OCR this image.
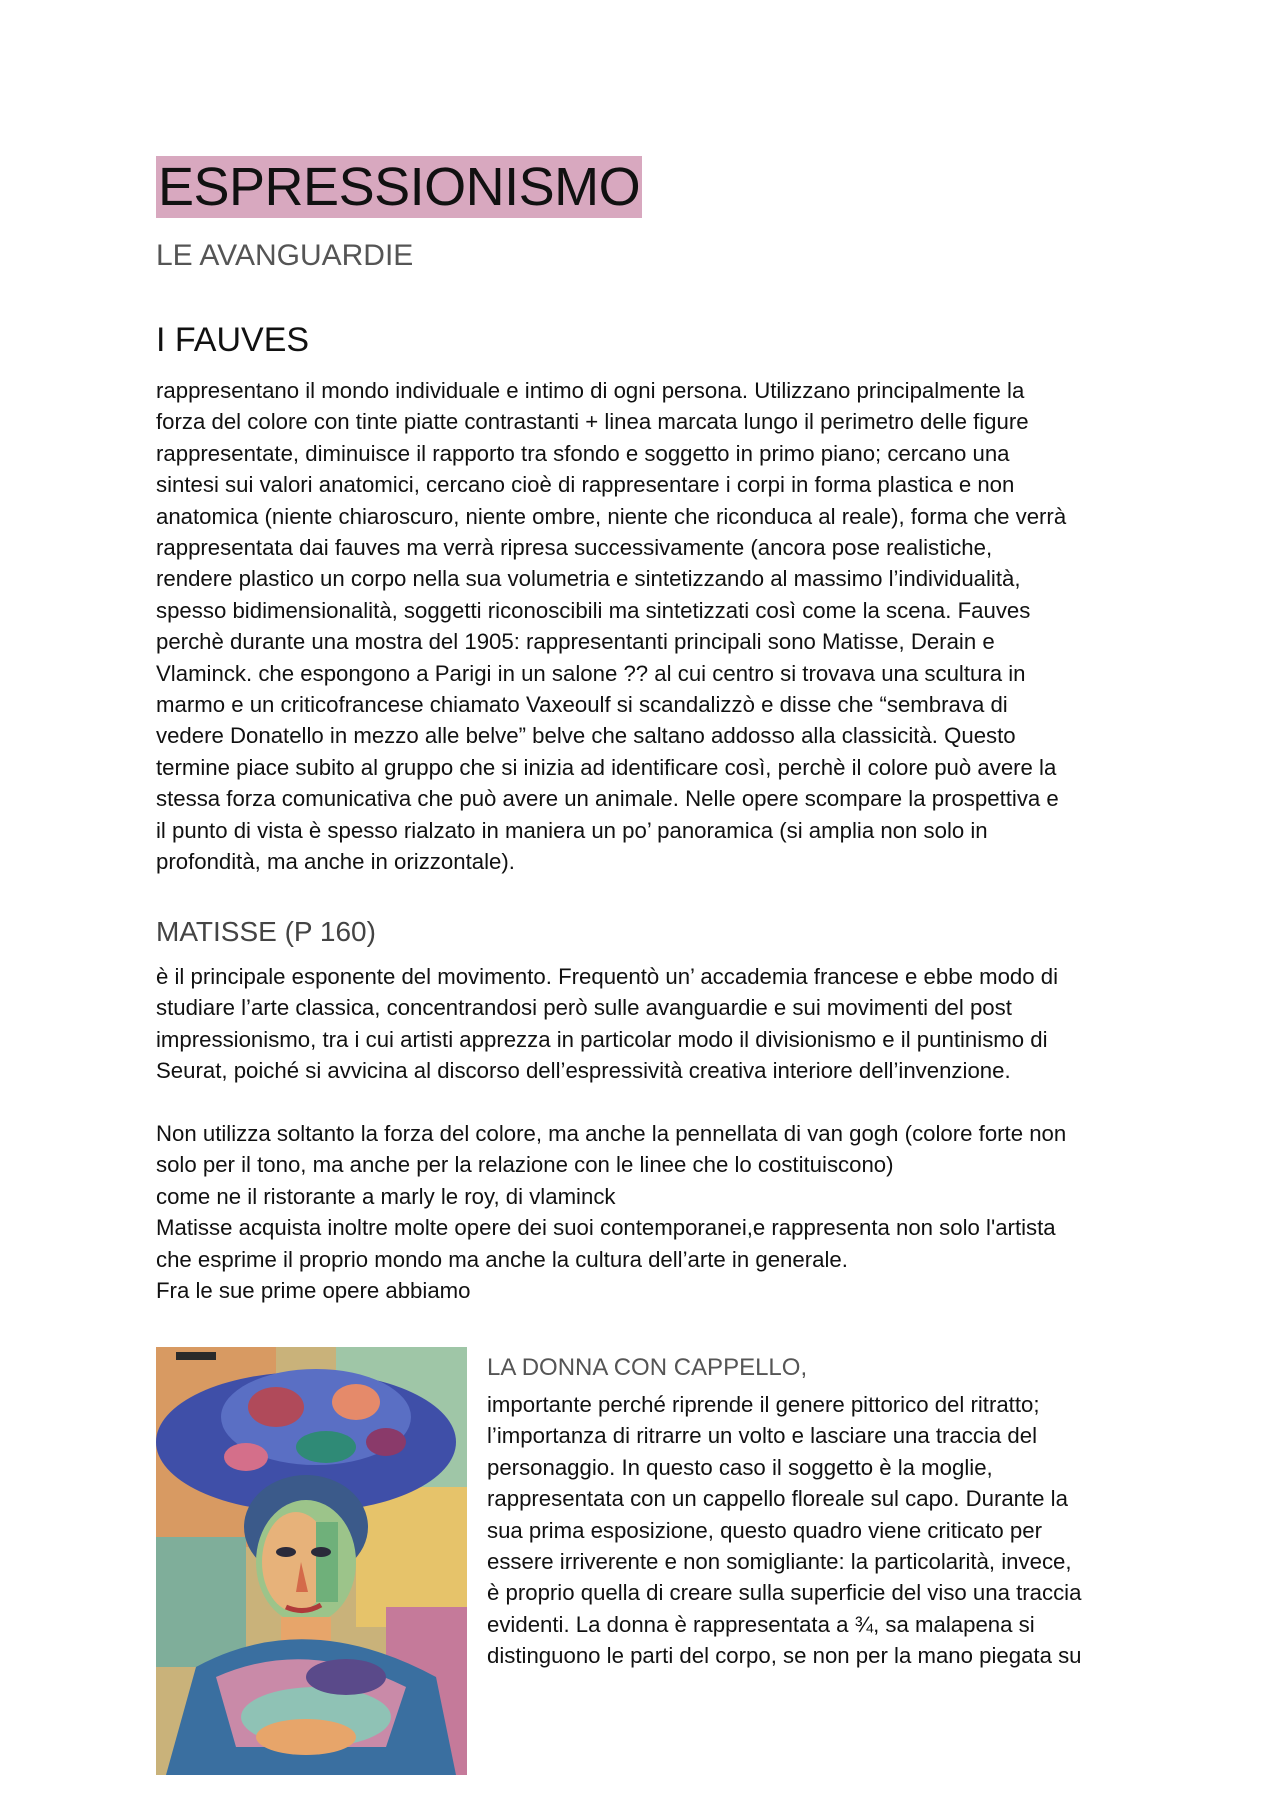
ESPRESSIONISMO
LE AVANGUARDIE
I FAUVES
rappresentano il mondo individuale e intimo di ogni persona. Utilizzano principalmente la
forza del colore con tinte piatte contrastanti + linea marcata lungo il perimetro delle figure
rappresentate, diminuisce il rapporto tra sfondo e soggetto in primo piano; cercano una
sintesi sui valori anatomici, cercano cioè di rappresentare i corpi in forma plastica e non
anatomica (niente chiaroscuro, niente ombre, niente che riconduca al reale), forma che verrà
rappresentata dai fauves ma verrà ripresa successivamente (ancora pose realistiche,
rendere plastico un corpo nella sua volumetria e sintetizzando al massimo l’individualità,
spesso bidimensionalità, soggetti riconoscibili ma sintetizzati così come la scena. Fauves
perchè durante una mostra del 1905: rappresentanti principali sono Matisse, Derain e
Vlaminck. che espongono a Parigi in un salone ?? al cui centro si trovava una scultura in
marmo e un criticofrancese chiamato Vaxeoulf si scandalizzò e disse che “sembrava di
vedere Donatello in mezzo alle belve” belve che saltano addosso alla classicità. Questo
termine piace subito al gruppo che si inizia ad identificare così, perchè il colore può avere la
stessa forza comunicativa che può avere un animale. Nelle opere scompare la prospettiva e
il punto di vista è spesso rialzato in maniera un po’ panoramica (si amplia non solo in
profondità, ma anche in orizzontale).
MATISSE (P 160)
è il principale esponente del movimento. Frequentò un’ accademia francese e ebbe modo di
studiare l’arte classica, concentrandosi però sulle avanguardie e sui movimenti del post
impressionismo, tra i cui artisti apprezza in particolar modo il divisionismo e il puntinismo di
Seurat, poiché si avvicina al discorso dell’espressività creativa interiore dell’invenzione.
Non utilizza soltanto la forza del colore, ma anche la pennellata di van gogh (colore forte non
solo per il tono, ma anche per la relazione con le linee che lo costituiscono)
come ne il ristorante a marly le roy, di vlaminck
Matisse acquista inoltre molte opere dei suoi contemporanei,e rappresenta non solo l'artista
che esprime il proprio mondo ma anche la cultura dell’arte in generale.
Fra le sue prime opere abbiamo
LA DONNA CON CAPPELLO,
importante perché riprende il genere pittorico del ritratto;
l’importanza di ritrarre un volto e lasciare una traccia del
personaggio. In questo caso il soggetto è la moglie,
rappresentata con un cappello floreale sul capo. Durante la
sua prima esposizione, questo quadro viene criticato per
essere irriverente e non somigliante: la particolarità, invece,
è proprio quella di creare sulla superficie del viso una traccia
evidenti. La donna è rappresentata a ¾, sa malapena si
distinguono le parti del corpo, se non per la mano piegata su
